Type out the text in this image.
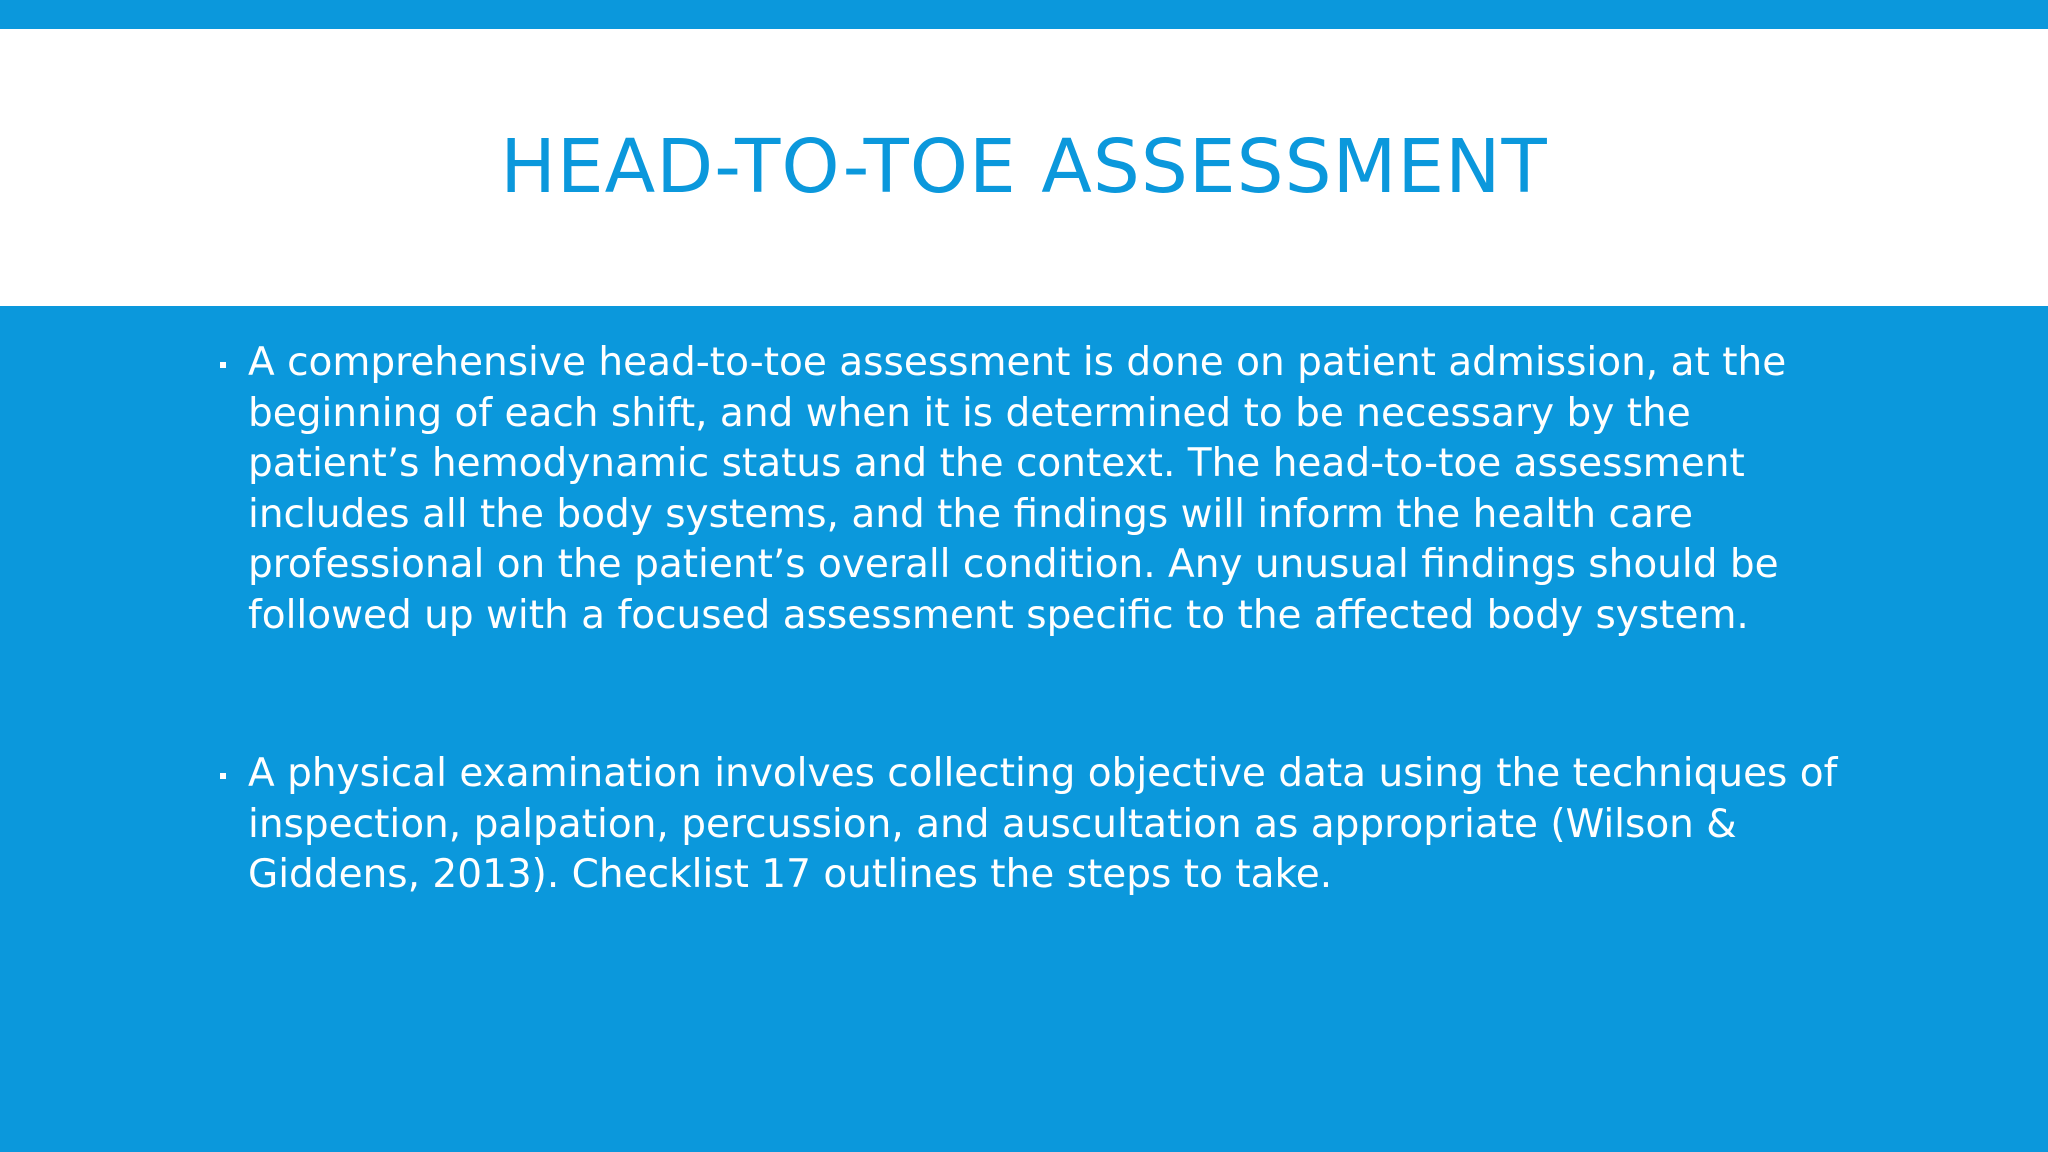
HEAD-TO-TOE ASSESSMENT
A comprehensive head-to-toe assessment is done on patient admission, at the beginning of each shift, and when it is determined to be necessary by the patient’s hemodynamic status and the context. The head-to-toe assessment includes all the body systems, and the findings will inform the health care professional on the patient’s overall condition. Any unusual findings should be followed up with a focused assessment specific to the affected body system.
A physical examination involves collecting objective data using the techniques of inspection, palpation, percussion, and auscultation as appropriate (Wilson & Giddens, 2013). Checklist 17 outlines the steps to take.
